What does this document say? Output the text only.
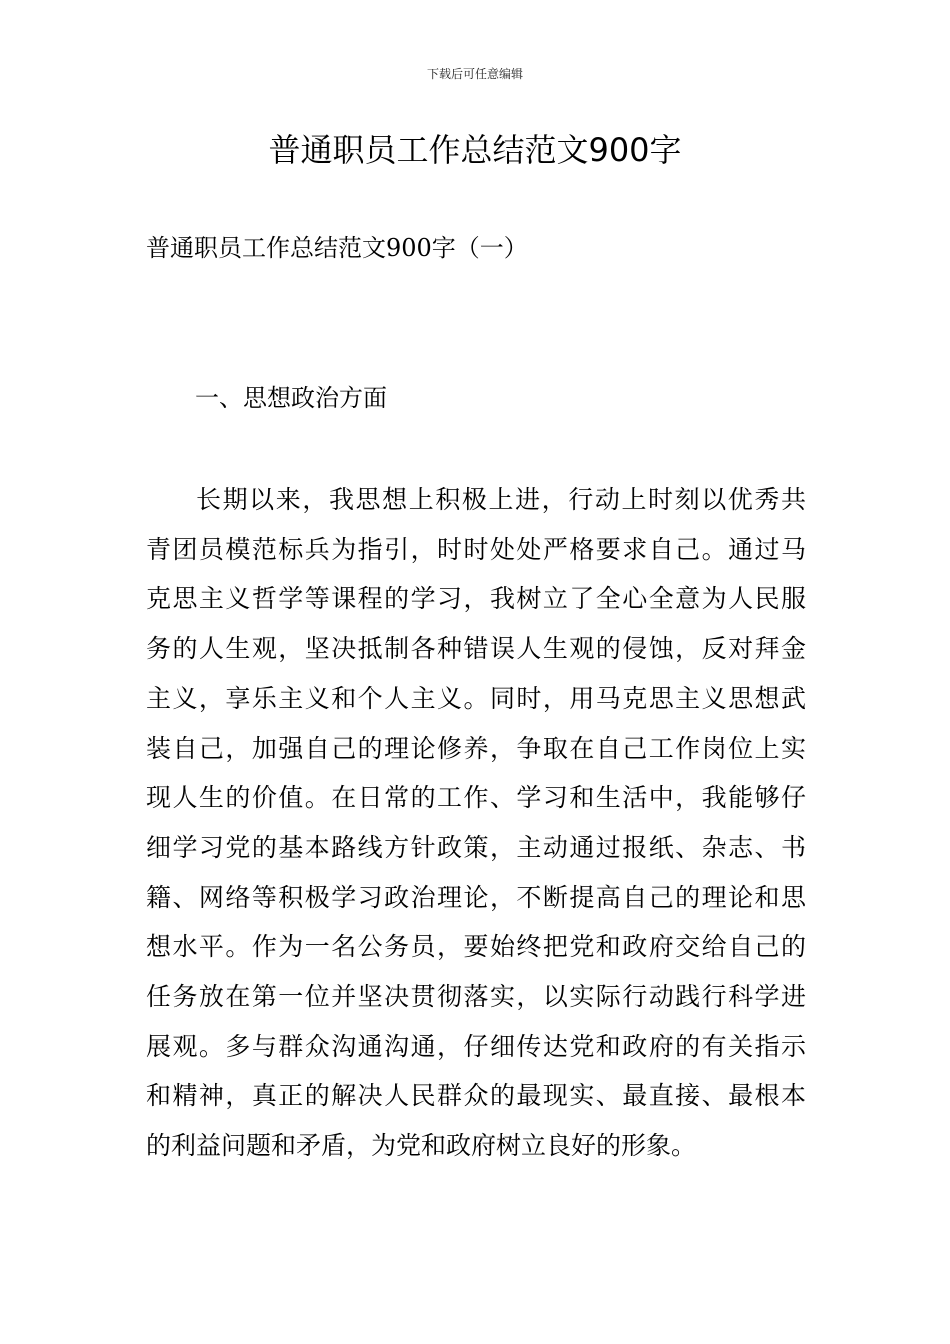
下载后可任意编辑
普通职员工作总结范文900字
普通职员工作总结范文900字（一）
一、思想政治方面
长期以来，我思想上积极上进，行动上时刻以优秀共
青团员模范标兵为指引，时时处处严格要求自己。通过马
克思主义哲学等课程的学习，我树立了全心全意为人民服
务的人生观，坚决抵制各种错误人生观的侵蚀，反对拜金
主义，享乐主义和个人主义。同时，用马克思主义思想武
装自己，加强自己的理论修养，争取在自己工作岗位上实
现人生的价值。在日常的工作、学习和生活中，我能够仔
细学习党的基本路线方针政策，主动通过报纸、杂志、书
籍、网络等积极学习政治理论，不断提高自己的理论和思
想水平。作为一名公务员，要始终把党和政府交给自己的
任务放在第一位并坚决贯彻落实，以实际行动践行科学进
展观。多与群众沟通沟通，仔细传达党和政府的有关指示
和精神，真正的解决人民群众的最现实、最直接、最根本
的利益问题和矛盾，为党和政府树立良好的形象。
